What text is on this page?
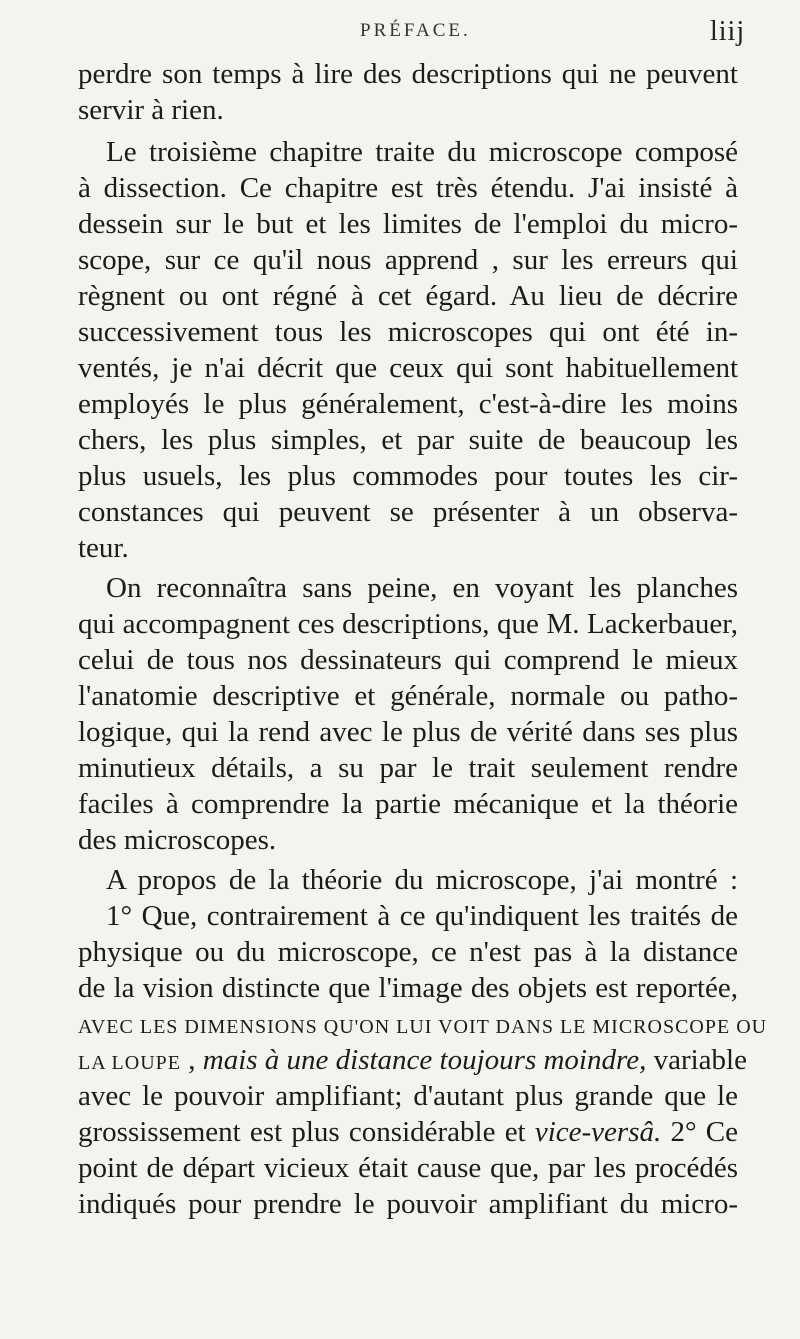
PRÉFACE.	liij
perdre son temps à lire des descriptions qui ne peuvent
servir à rien.
Le troisième chapitre traite du microscope composé
à dissection. Ce chapitre est très étendu. J'ai insisté à
dessein sur le but et les limites de l'emploi du micro-
scope, sur ce qu'il nous apprend , sur les erreurs qui
règnent ou ont régné à cet égard. Au lieu de décrire
successivement tous les microscopes qui ont été in-
ventés, je n'ai décrit que ceux qui sont habituellement
employés le plus généralement, c'est-à-dire les moins
chers, les plus simples, et par suite de beaucoup les
plus usuels, les plus commodes pour toutes les cir-
constances qui peuvent se présenter à un observa-
teur.
On reconnaîtra sans peine, en voyant les planches
qui accompagnent ces descriptions, que M. Lackerbauer,
celui de tous nos dessinateurs qui comprend le mieux
l'anatomie descriptive et générale, normale ou patho-
logique, qui la rend avec le plus de vérité dans ses plus
minutieux détails, a su par le trait seulement rendre
faciles à comprendre la partie mécanique et la théorie
des microscopes.
A propos de la théorie du microscope, j'ai montré :
1° Que, contrairement à ce qu'indiquent les traités de
physique ou du microscope, ce n'est pas à la distance
de la vision distincte que l'image des objets est reportée,
AVEC LES DIMENSIONS QU'ON LUI VOIT DANS LE MICROSCOPE OU
LA LOUPE , mais à une distance toujours moindre, variable
avec le pouvoir amplifiant; d'autant plus grande que le
grossissement est plus considérable et vice-versâ. 2° Ce
point de départ vicieux était cause que, par les procédés
indiqués pour prendre le pouvoir amplifiant du micro-
